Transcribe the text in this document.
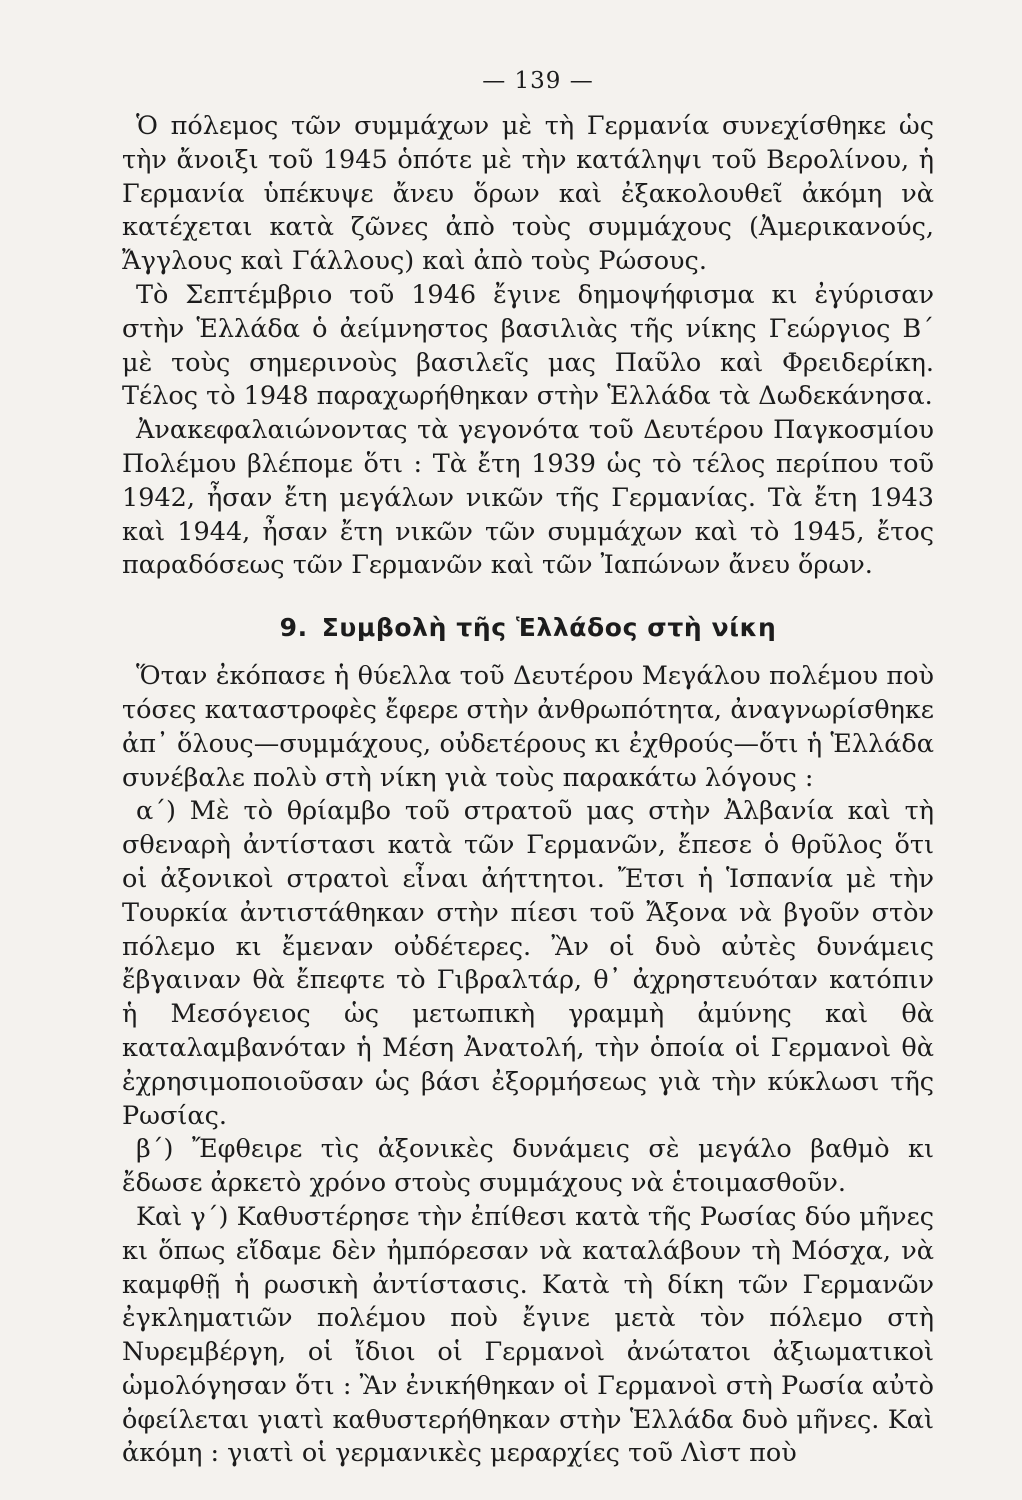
— 139 —

Ὁ πόλεμος τῶν συμμάχων μὲ τὴ Γερμανία συνεχίσθηκε ὡς τὴν ἄνοιξι τοῦ 1945 ὁπότε μὲ τὴν κατάληψι τοῦ Βερολίνου, ἡ Γερμανία ὑπέκυψε ἄνευ ὅρων καὶ ἐξακολουθεῖ ἀκόμη νὰ κατέχεται κατὰ ζῶνες ἀπὸ τοὺς συμμάχους (Ἀμερικανούς, Ἄγγλους καὶ Γάλλους) καὶ ἀπὸ τοὺς Ρώσους.

Τὸ Σεπτέμβριο τοῦ 1946 ἔγινε δημοψήφισμα κι ἐγύρισαν στὴν Ἑλλάδα ὁ ἀείμνηστος βασιλιὰς τῆς νίκης Γεώργιος Β΄ μὲ τοὺς σημερινοὺς βασιλεῖς μας Παῦλο καὶ Φρειδερίκη. Τέλος τὸ 1948 παραχωρήθηκαν στὴν Ἑλλάδα τὰ Δωδεκάνησα.

Ἀνακεφαλαιώνοντας τὰ γεγονότα τοῦ Δευτέρου Παγκοσμίου Πολέμου βλέπομε ὅτι : Τὰ ἔτη 1939 ὡς τὸ τέλος περίπου τοῦ 1942, ἦσαν ἔτη μεγάλων νικῶν τῆς Γερμανίας. Τὰ ἔτη 1943 καὶ 1944, ἦσαν ἔτη νικῶν τῶν συμμάχων καὶ τὸ 1945, ἔτος παραδόσεως τῶν Γερμανῶν καὶ τῶν Ἰαπώνων ἄνευ ὅρων.

9. Συμβολὴ τῆς Ἑλλάδος στὴ νίκη

Ὅταν ἐκόπασε ἡ θύελλα τοῦ Δευτέρου Μεγάλου πολέμου ποὺ τόσες καταστροφὲς ἔφερε στὴν ἀνθρωπότητα, ἀναγνωρίσθηκε ἀπ᾿ ὅλους—συμμάχους, οὐδετέρους κι ἐχθρούς—ὅτι ἡ Ἑλλάδα συνέβαλε πολὺ στὴ νίκη γιὰ τοὺς παρακάτω λόγους :

α΄) Μὲ τὸ θρίαμβο τοῦ στρατοῦ μας στὴν Ἀλβανία καὶ τὴ σθεναρὴ ἀντίστασι κατὰ τῶν Γερμανῶν, ἔπεσε ὁ θρῦλος ὅτι οἱ ἀξονικοὶ στρατοὶ εἶναι ἀήττητοι. Ἔτσι ἡ Ἱσπανία μὲ τὴν Τουρκία ἀντιστάθηκαν στὴν πίεσι τοῦ Ἄξονα νὰ βγοῦν στὸν πόλεμο κι ἔμεναν οὐδέτερες. Ἂν οἱ δυὸ αὐτὲς δυνάμεις ἔβγαιναν θὰ ἔπεφτε τὸ Γιβραλτάρ, θ᾿ ἀχρηστευόταν κατόπιν ἡ Μεσόγειος ὡς μετωπικὴ γραμμὴ ἀμύνης καὶ θὰ καταλαμβανόταν ἡ Μέση Ἀνατολή, τὴν ὁποία οἱ Γερμανοὶ θὰ ἐχρησιμοποιοῦσαν ὡς βάσι ἐξορμήσεως γιὰ τὴν κύκλωσι τῆς Ρωσίας.

β΄) Ἔφθειρε τὶς ἀξονικὲς δυνάμεις σὲ μεγάλο βαθμὸ κι ἔδωσε ἀρκετὸ χρόνο στοὺς συμμάχους νὰ ἑτοιμασθοῦν.

Καὶ γ΄) Καθυστέρησε τὴν ἐπίθεσι κατὰ τῆς Ρωσίας δύο μῆνες κι ὅπως εἴδαμε δὲν ἠμπόρεσαν νὰ καταλάβουν τὴ Μόσχα, νὰ καμφθῇ ἡ ρωσικὴ ἀντίστασις. Κατὰ τὴ δίκη τῶν Γερμανῶν ἐγκληματιῶν πολέμου ποὺ ἔγινε μετὰ τὸν πόλεμο στὴ Νυρεμβέργη, οἱ ἴδιοι οἱ Γερμανοὶ ἀνώτατοι ἀξιωματικοὶ ὡμολόγησαν ὅτι : Ἂν ἐνικήθηκαν οἱ Γερμανοὶ στὴ Ρωσία αὐτὸ ὀφείλεται γιατὶ καθυστερήθηκαν στὴν Ἑλλάδα δυὸ μῆνες. Καὶ ἀκόμη : γιατὶ οἱ γερμανικὲς μεραρχίες τοῦ Λὶστ ποὺ
